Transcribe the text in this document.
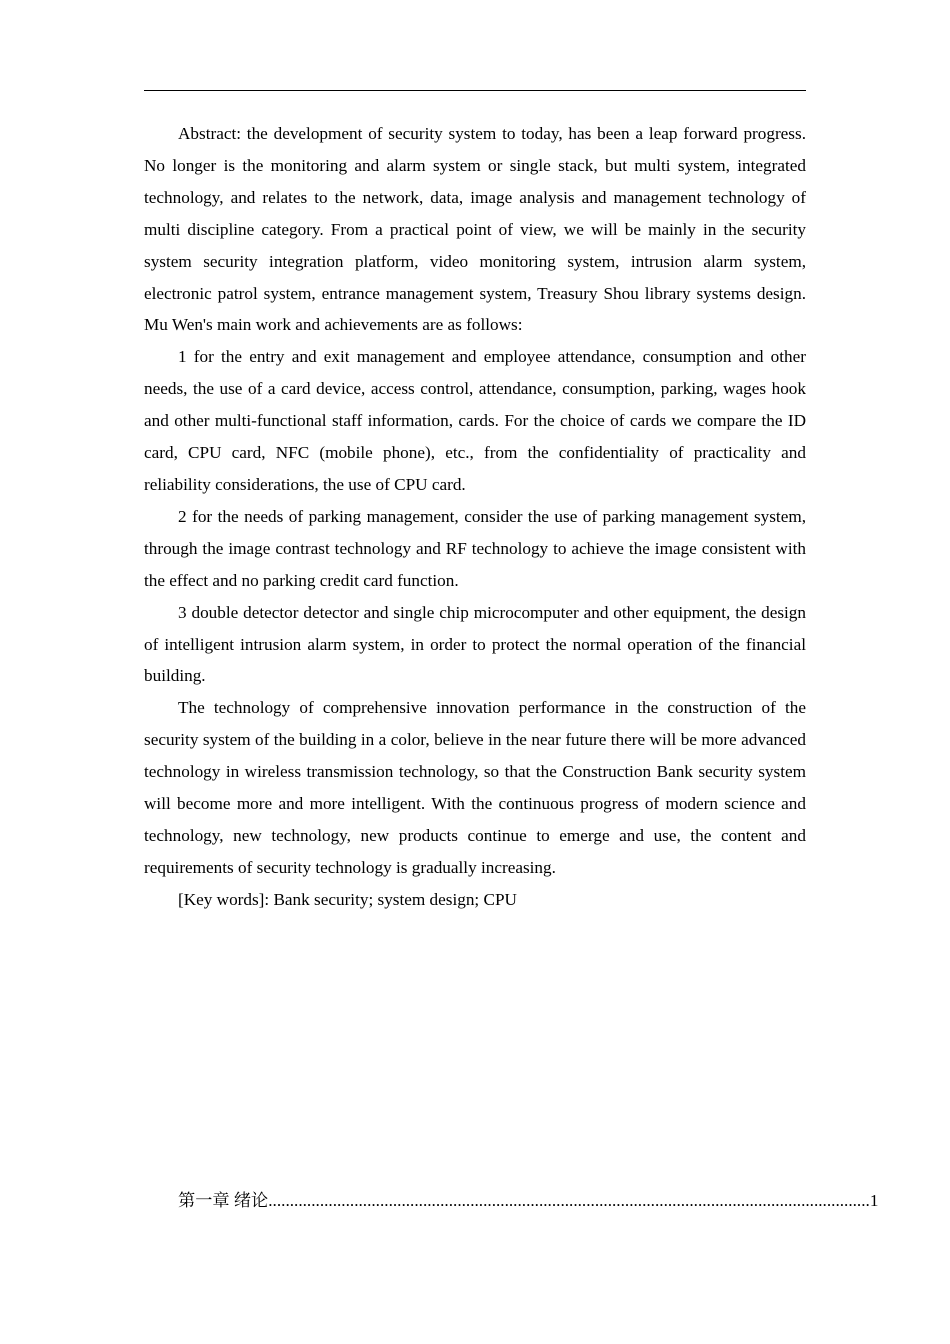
Abstract: the development of security system to today, has been a leap forward progress. No longer is the monitoring and alarm system or single stack, but multi system, integrated technology, and relates to the network, data, image analysis and management technology of multi discipline category. From a practical point of view, we will be mainly in the security system security integration platform, video monitoring system, intrusion alarm system, electronic patrol system, entrance management system, Treasury Shou library systems design. Mu Wen's main work and achievements are as follows:

1 for the entry and exit management and employee attendance, consumption and other needs, the use of a card device, access control, attendance, consumption, parking, wages hook and other multi-functional staff information, cards. For the choice of cards we compare the ID card, CPU card, NFC (mobile phone), etc., from the confidentiality of practicality and reliability considerations, the use of CPU card.

2 for the needs of parking management, consider the use of parking management system, through the image contrast technology and RF technology to achieve the image consistent with the effect and no parking credit card function.

3 double detector detector and single chip microcomputer and other equipment, the design of intelligent intrusion alarm system, in order to protect the normal operation of the financial building.

The technology of comprehensive innovation performance in the construction of the security system of the building in a color, believe in the near future there will be more advanced technology in wireless transmission technology, so that the Construction Bank security system will become more and more intelligent. With the continuous progress of modern science and technology, new technology, new products continue to emerge and use, the content and requirements of security technology is gradually increasing.

[Key words]: Bank security; system design; CPU

第一章 绪论 ............................................................................................................................................ 1
